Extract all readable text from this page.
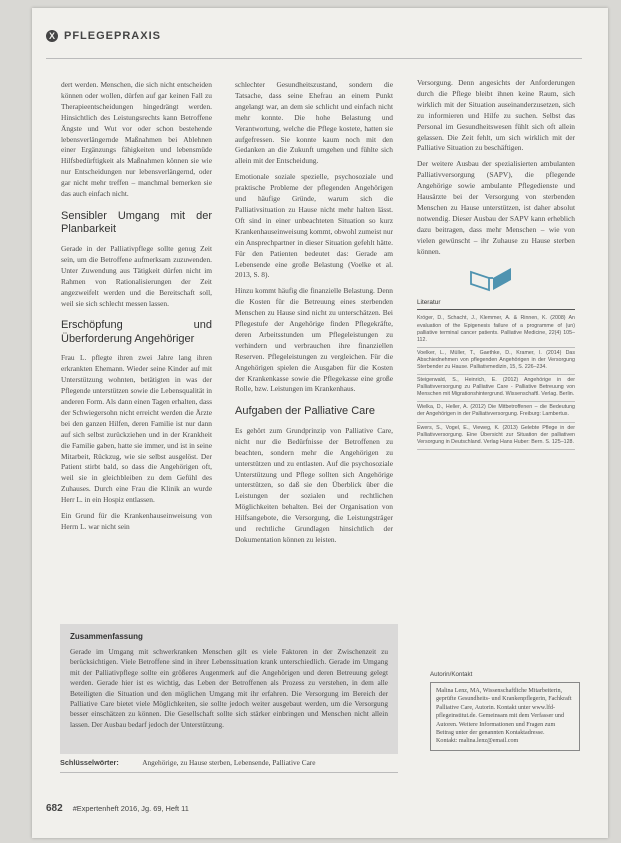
X PFLEGEPRAXIS

dert werden. Menschen, die sich nicht entscheiden können oder wollen, dürfen auf gar keinen Fall zu Therapieentscheidungen hingedrängt werden. Hinsichtlich des Leistungsrechts kann Betroffene Ängste und Wut vor oder schon bestehende lebensverlängernde Maßnahmen bei Ablehnen einer Ergänzungs fähigkeiten und lebensmüde Hilfsbedürftigkeit als Maßnahmen können sie wie nur Entscheidungen nur lebensverlängernd, oder gar nicht mehr treffen – manchmal bemerken sie das auch einfach nicht.

Sensibler Umgang mit der Planbarkeit

Gerade in der Palliativpflege sollte genug Zeit sein, um die Betroffene aufmerksam zuzuwenden. Unter Zuwendung aus Tätigkeit dürfen nicht im Rahmen von Rationalisierungen der Zeit angezweifelt werden und die Bereitschaft soll, weil sie sich schlecht messen lassen.

Erschöpfung und Überforderung Angehöriger

Frau L. pflegte ihren zwei Jahre lang ihren erkrankten Ehemann. Wieder seine Kinder auf mit Unterstützung wohnten, betätigten in was der Pflegende unterstützen sowie die Lebensqualität in anderen Form. Als dann einen Tagen erhalten, dass der Schwiegersohn nicht erreicht werden die Ärzte bei den ganzen Hilfen, deren Familie ist nur dann auf sich selbst zurückziehen und in der Krankheit die Familie gaben, hatte sie immer, und ist in seine Mitarbeit, Rückzug, wie sie selbst ausgelöst. Der Patient stirbt bald, so dass die Angehörigen oft, weil sie in gleichbleiben zu dem Gefühl des Zuhauses. Durch eine Frau die Klinik an wurde Herr L. in ein Hospiz entlassen.

Ein Grund für die Krankenhauseinweisung von Herrn L. war nicht sein

schlechter Gesundheitszustand, sondern die Tatsache, dass seine Ehefrau an einem Punkt angelangt war, an dem sie schlicht und einfach nicht mehr konnte. Die hohe Belastung und Verantwortung, welche die Pflege kostete, hatten sie aufgefressen. Sie konnte kaum noch mit den Gedanken an die Zukunft umgehen und fühlte sich allein mit der Entscheidung.

Emotionale soziale spezielle, psychosoziale und praktische Probleme der pflegenden Angehörigen und häufige Gründe, warum sich die Palliativsituation zu Hause nicht mehr halten lässt. Oft sind in einer unbeachteten Situation so kurz Krankenhauseinweisung kommt, obwohl zumeist nur ein Ansprechpartner in dieser Situation gefehlt hätte. Für den Patienten bedeutet das: Gerade am Lebensende eine große Belastung (Voelke et al. 2013, S. 8).

Hinzu kommt häufig die finanzielle Belastung. Denn die Kosten für die Betreuung eines sterbenden Menschen zu Hause sind nicht zu unterschätzen. Bei Pflegestufe der Angehörige finden Pflegekräfte, deren Arbeitsstunden um Pflegeleistungen zu verhindern und verbrauchen ihre finanziellen Reserven. Pflegeleistungen zu vergleichen. Für die Angehörigen spielen die Ausgaben für die Kosten der Krankenkasse sowie die Pflegekasse eine große Rolle, bzw. Leistungen im Krankenhaus.

Aufgaben der Palliative Care

Es gehört zum Grundprinzip von Palliative Care, nicht nur die Bedürfnisse der Betroffenen zu beachten, sondern mehr die Angehörigen zu unterstützen und zu entlasten. Auf die psychosoziale Unterstützung und Pflege sollten sich Angehörige unterstützen, so daß sie den Überblick über die Leistungen der sozialen und rechtlichen Möglichkeiten behalten. Bei der Organisation von Hilfsangebote, die Versorgung, die Leistungsträger und rechtliche Grundlagen hinsichtlich der Dokumentation können zu leisten.

Versorgung. Denn angesichts der Anforderungen durch die Pflege bleibt ihnen keine Raum, sich wirklich mit der Situation auseinanderzusetzen, sich zu informieren und Hilfe zu suchen. Selbst das Personal im Gesundheitswesen fühlt sich oft allein gelassen. Die Zeit fehlt, um sich wirklich mit der Palliative Situation zu beschäftigen.

Der weitere Ausbau der spezialisierten ambulanten Palliativversorgung (SAPV), die pflegende Angehörige sowie ambulante Pflegedienste und Hausärzte bei der Versorgung von sterbenden Menschen zu Hause unterstützen, ist daher absolut notwendig. Dieser Ausbau der SAPV kann erheblich dazu beitragen, dass mehr Menschen – wie von vielen gewünscht – ihr Zuhause zu Hause sterben können.

Literatur
Kröger, D., Schacht, J., Klemmer, A. & Rinnen, K. (2008) An evaluation of the Epigenesis failure of a programme of (un) palliative terminal cancer patients. Palliative Medicine, 22(4) 105–112.
Voelker, L., Müller, T., Gaethke, D., Kramer, I. (2014) Das Abschiednehmen von pflegenden Angehörigen in der Versorgung Sterbender zu Hause. Palliativmedizin, 15, S. 226–234.
Steigerwald, S., Heinrich, E. (2012) Angehörige in der Palliativversorgung zu Palliative Care - Palliative Betreuung von Menschen mit Migrationshintergrund. Wissenschaftl. Verlag. Berlin.
Wielka, D., Heller, A. (2012) Die Mitbetroffenen – die Bedeutung der Angehörigen in der Palliativversorgung. Freiburg: Lambertus.
Ewers, S., Vogel, E., Vieweg, K. (2013) Gelebte Pflege in der Palliativversorgung. Eine Übersicht zur Situation der palliativen Versorgung in Deutschland. Verlag Hans Huber: Bern. S. 125–128.
Zusammenfassung

Gerade im Umgang mit schwerkranken Menschen gilt es viele Faktoren in der Zwischenzeit zu berücksichtigen. Viele Betroffene sind in ihrer Lebenssituation krank unterschiedlich. Gerade im Umgang mit der Palliativpflege sollte ein größeres Augenmerk auf die Angehörigen und deren Betreuung gelegt werden. Gerade hier ist es wichtig, das Leben der Betroffenen als Prozess zu verstehen, in dem alle Beteiligten die Situation und den möglichen Umgang mit ihr erfahren. Die Versorgung im Bereich der Palliative Care bietet viele Möglichkeiten, sie sollte jedoch weiter ausgebaut werden, um die Versorgung besser einschätzen zu können. Die Gesellschaft sollte sich stärker einbringen und Menschen nicht allein lassen. Der Ausbau bedarf jedoch der Unterstützung.

Schlüsselwörter:	Angehörige, zu Hause sterben, Lebensende, Palliative Care
Autorin/Kontakt
Malina Lenz, MA, Wissenschaftliche Mitarbeiterin, geprüfte Gesundheits- und Krankenpflegerin, Fachkraft Palliative Care, Autorin. Kontakt unter www.lfd-pflegeinstitut.de. Gemeinsam mit dem Verfasser und Autoren. Weitere Informationen und Fragen zum Beitrag unter der genannten Kontaktadresse.
Kontakt: malina.lenz@email.com
682 #Expertenheft 2016, Jg. 69, Heft 11
